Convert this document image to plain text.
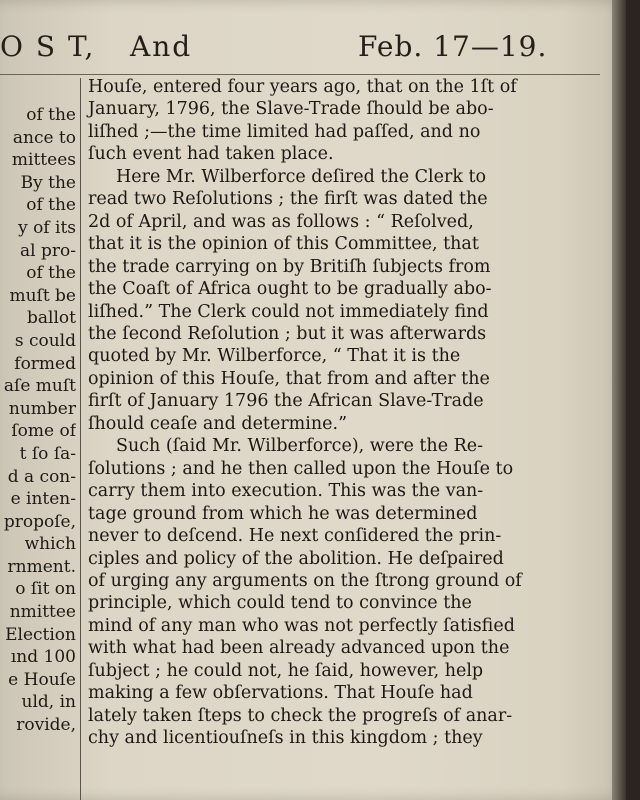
O S T, And	Feb. 17—19.
of the
ance to
mittees
By the
of the
y of its
al pro-
of the
muſt be
ballot
s could
formed
aſe muſt
number
ſome of
t ſo ſa-
d a con-
e inten-
propoſe,
which
rnment.
o ſit on
nmittee
Election
ınd 100
e Houſe
uld, in
rovide,
Houſe, entered four years ago, that on the 1ſt of
January, 1796, the Slave-Trade ſhould be abo-
liſhed ;—the time limited had paſſed, and no
ſuch event had taken place.
Here Mr. Wilberforce deſired the Clerk to
read two Reſolutions ; the firſt was dated the
2d of April, and was as follows : “ Reſolved,
that it is the opinion of this Committee, that
the trade carrying on by Britiſh ſubjects from
the Coaſt of Africa ought to be gradually abo-
liſhed.” The Clerk could not immediately find
the ſecond Reſolution ; but it was afterwards
quoted by Mr. Wilberforce, “ That it is the
opinion of this Houſe, that from and after the
firſt of January 1796 the African Slave-Trade
ſhould ceaſe and determine.”
Such (ſaid Mr. Wilberforce), were the Re-
ſolutions ; and he then called upon the Houſe to
carry them into execution. This was the van-
tage ground from which he was determined
never to deſcend. He next conſidered the prin-
ciples and policy of the abolition. He deſpaired
of urging any arguments on the ſtrong ground of
principle, which could tend to convince the
mind of any man who was not perfectly ſatisfied
with what had been already advanced upon the
ſubject ; he could not, he ſaid, however, help
making a few obſervations. That Houſe had
lately taken ſteps to check the progreſs of anar-
chy and licentiouſneſs in this kingdom ; they
